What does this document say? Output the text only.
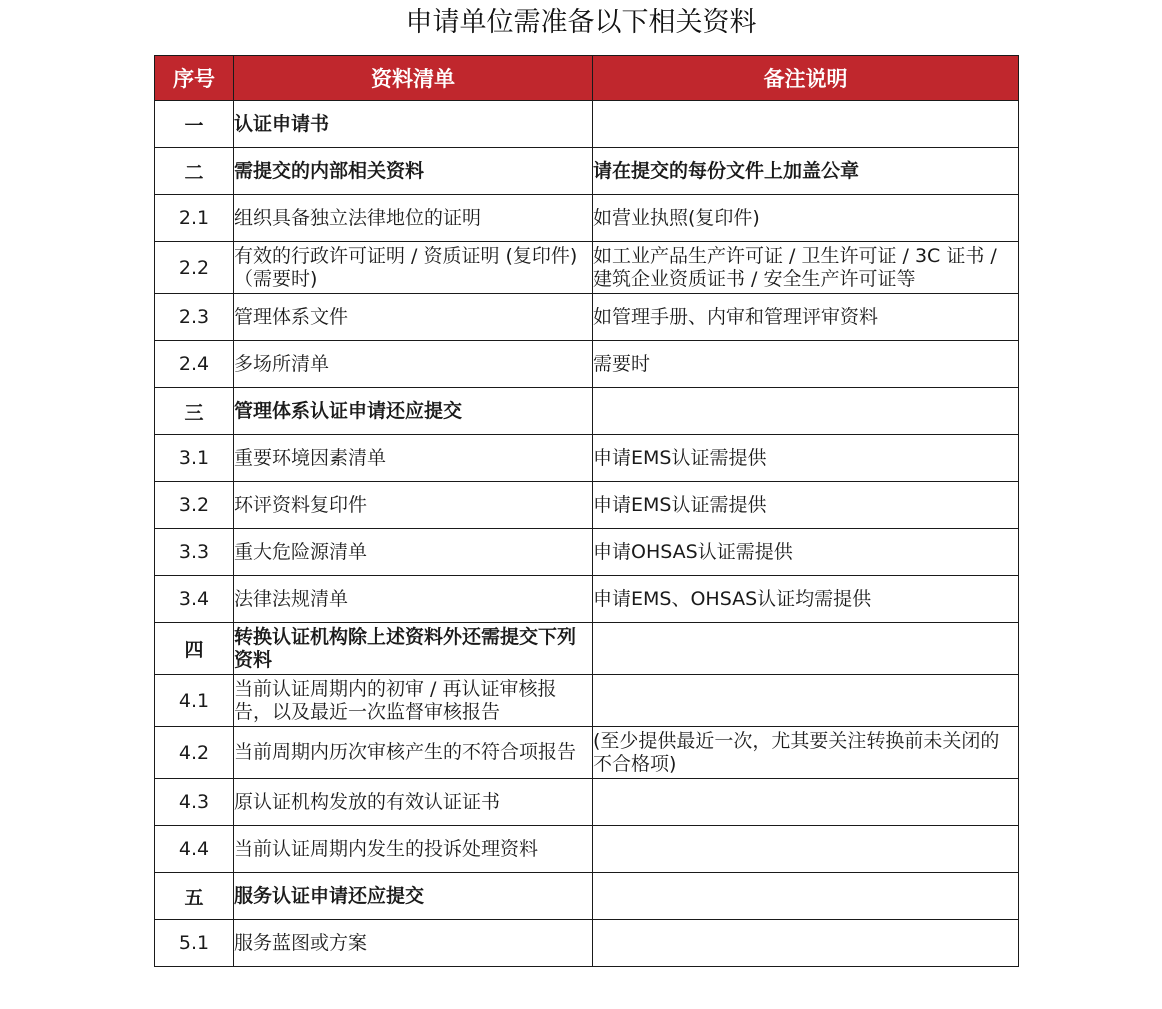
申请单位需准备以下相关资料
序号	资料清单	备注说明
一	认证申请书	
二	需提交的内部相关资料	请在提交的每份文件上加盖公章
2.1	组织具备独立法律地位的证明	如营业执照(复印件)
2.2	有效的行政许可证明 / 资质证明 (复印件) （需要时)	如工业产品生产许可证 / 卫生许可证 / 3C 证书 / 建筑企业资质证书 / 安全生产许可证等
2.3	管理体系文件	如管理手册、内审和管理评审资料
2.4	多场所清单	需要时
三	管理体系认证申请还应提交	
3.1	重要环境因素清单	申请EMS认证需提供
3.2	环评资料复印件	申请EMS认证需提供
3.3	重大危险源清单	申请OHSAS认证需提供
3.4	法律法规清单	申请EMS、OHSAS认证均需提供
四	转换认证机构除上述资料外还需提交下列资料	
4.1	当前认证周期内的初审 / 再认证审核报告，以及最近一次监督审核报告	
4.2	当前周期内历次审核产生的不符合项报告	(至少提供最近一次，尤其要关注转换前未关闭的不合格项)
4.3	原认证机构发放的有效认证证书	
4.4	当前认证周期内发生的投诉处理资料	
五	服务认证申请还应提交	
5.1	服务蓝图或方案	
